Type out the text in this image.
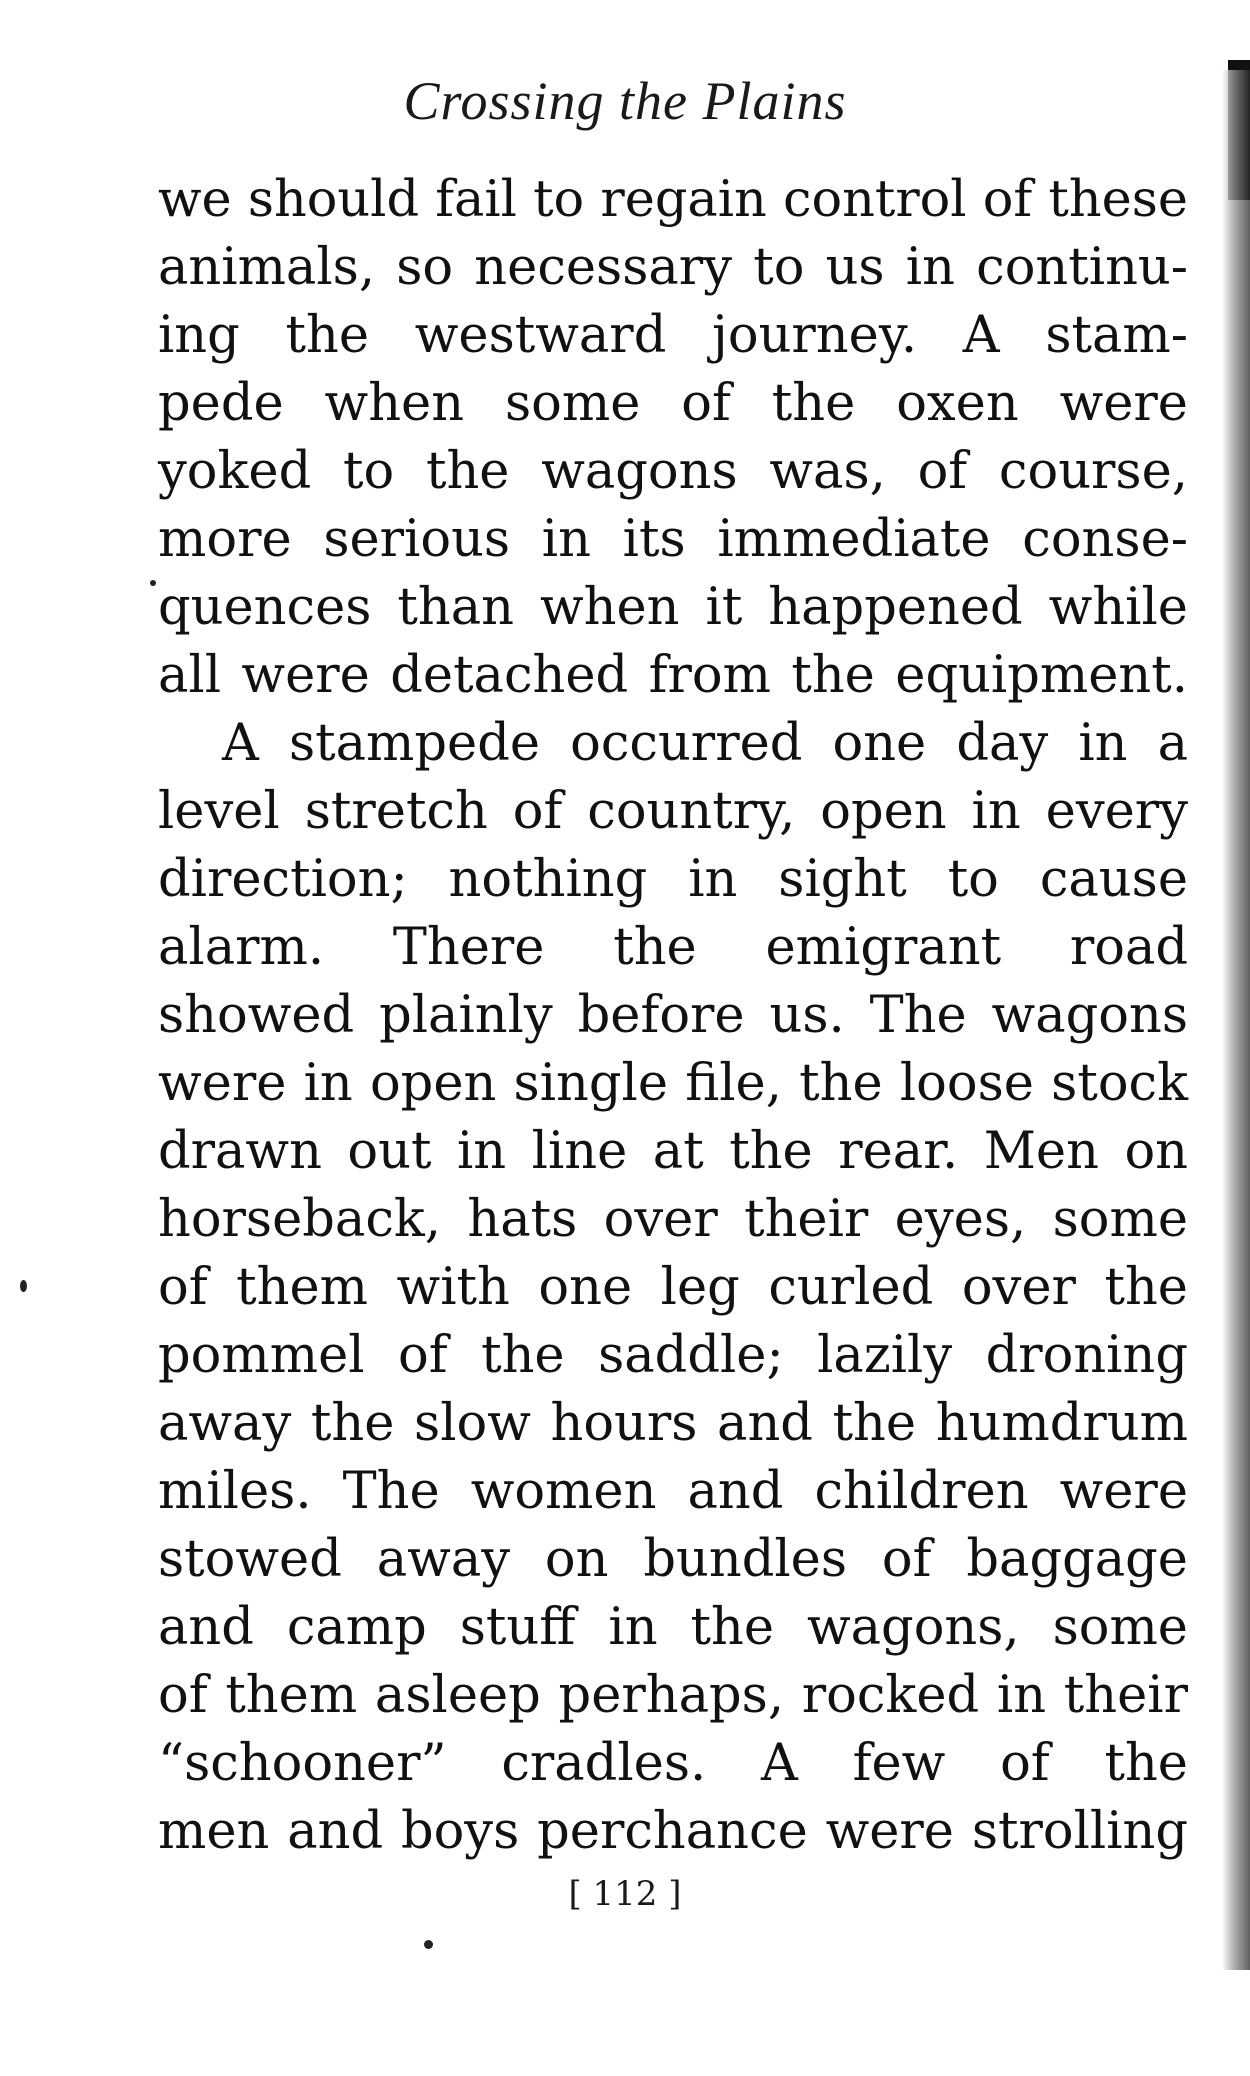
Crossing the Plains
we should fail to regain control of these
animals, so necessary to us in continu-
ing the westward journey. A stam-
pede when some of the oxen were
yoked to the wagons was, of course,
more serious in its immediate conse-
quences than when it happened while
all were detached from the equipment.
A stampede occurred one day in a
level stretch of country, open in every
direction; nothing in sight to cause
alarm. There the emigrant road
showed plainly before us. The wagons
were in open single file, the loose stock
drawn out in line at the rear. Men on
horseback, hats over their eyes, some
of them with one leg curled over the
pommel of the saddle; lazily droning
away the slow hours and the humdrum
miles. The women and children were
stowed away on bundles of baggage
and camp stuff in the wagons, some
of them asleep perhaps, rocked in their
“schooner” cradles. A few of the
men and boys perchance were strolling
[ 112 ]
